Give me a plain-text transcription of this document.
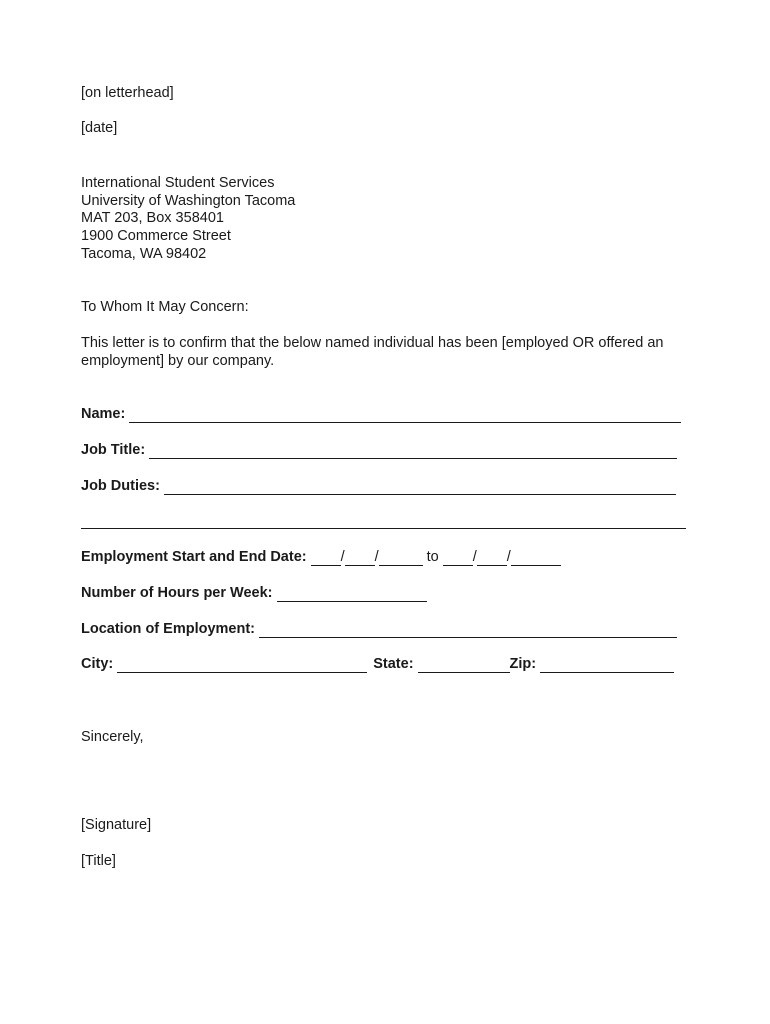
[on letterhead]
[date]
International Student Services
University of Washington Tacoma
MAT 203, Box 358401
1900 Commerce Street
Tacoma, WA 98402
To Whom It May Concern:
This letter is to confirm that the below named individual has been [employed OR offered an employment] by our company.
Name:
Job Title:
Job Duties:
Employment Start and End Date: / /	to / /
Number of Hours per Week:
Location of Employment:
City:	State:	Zip:
Sincerely,
[Signature]
[Title]
